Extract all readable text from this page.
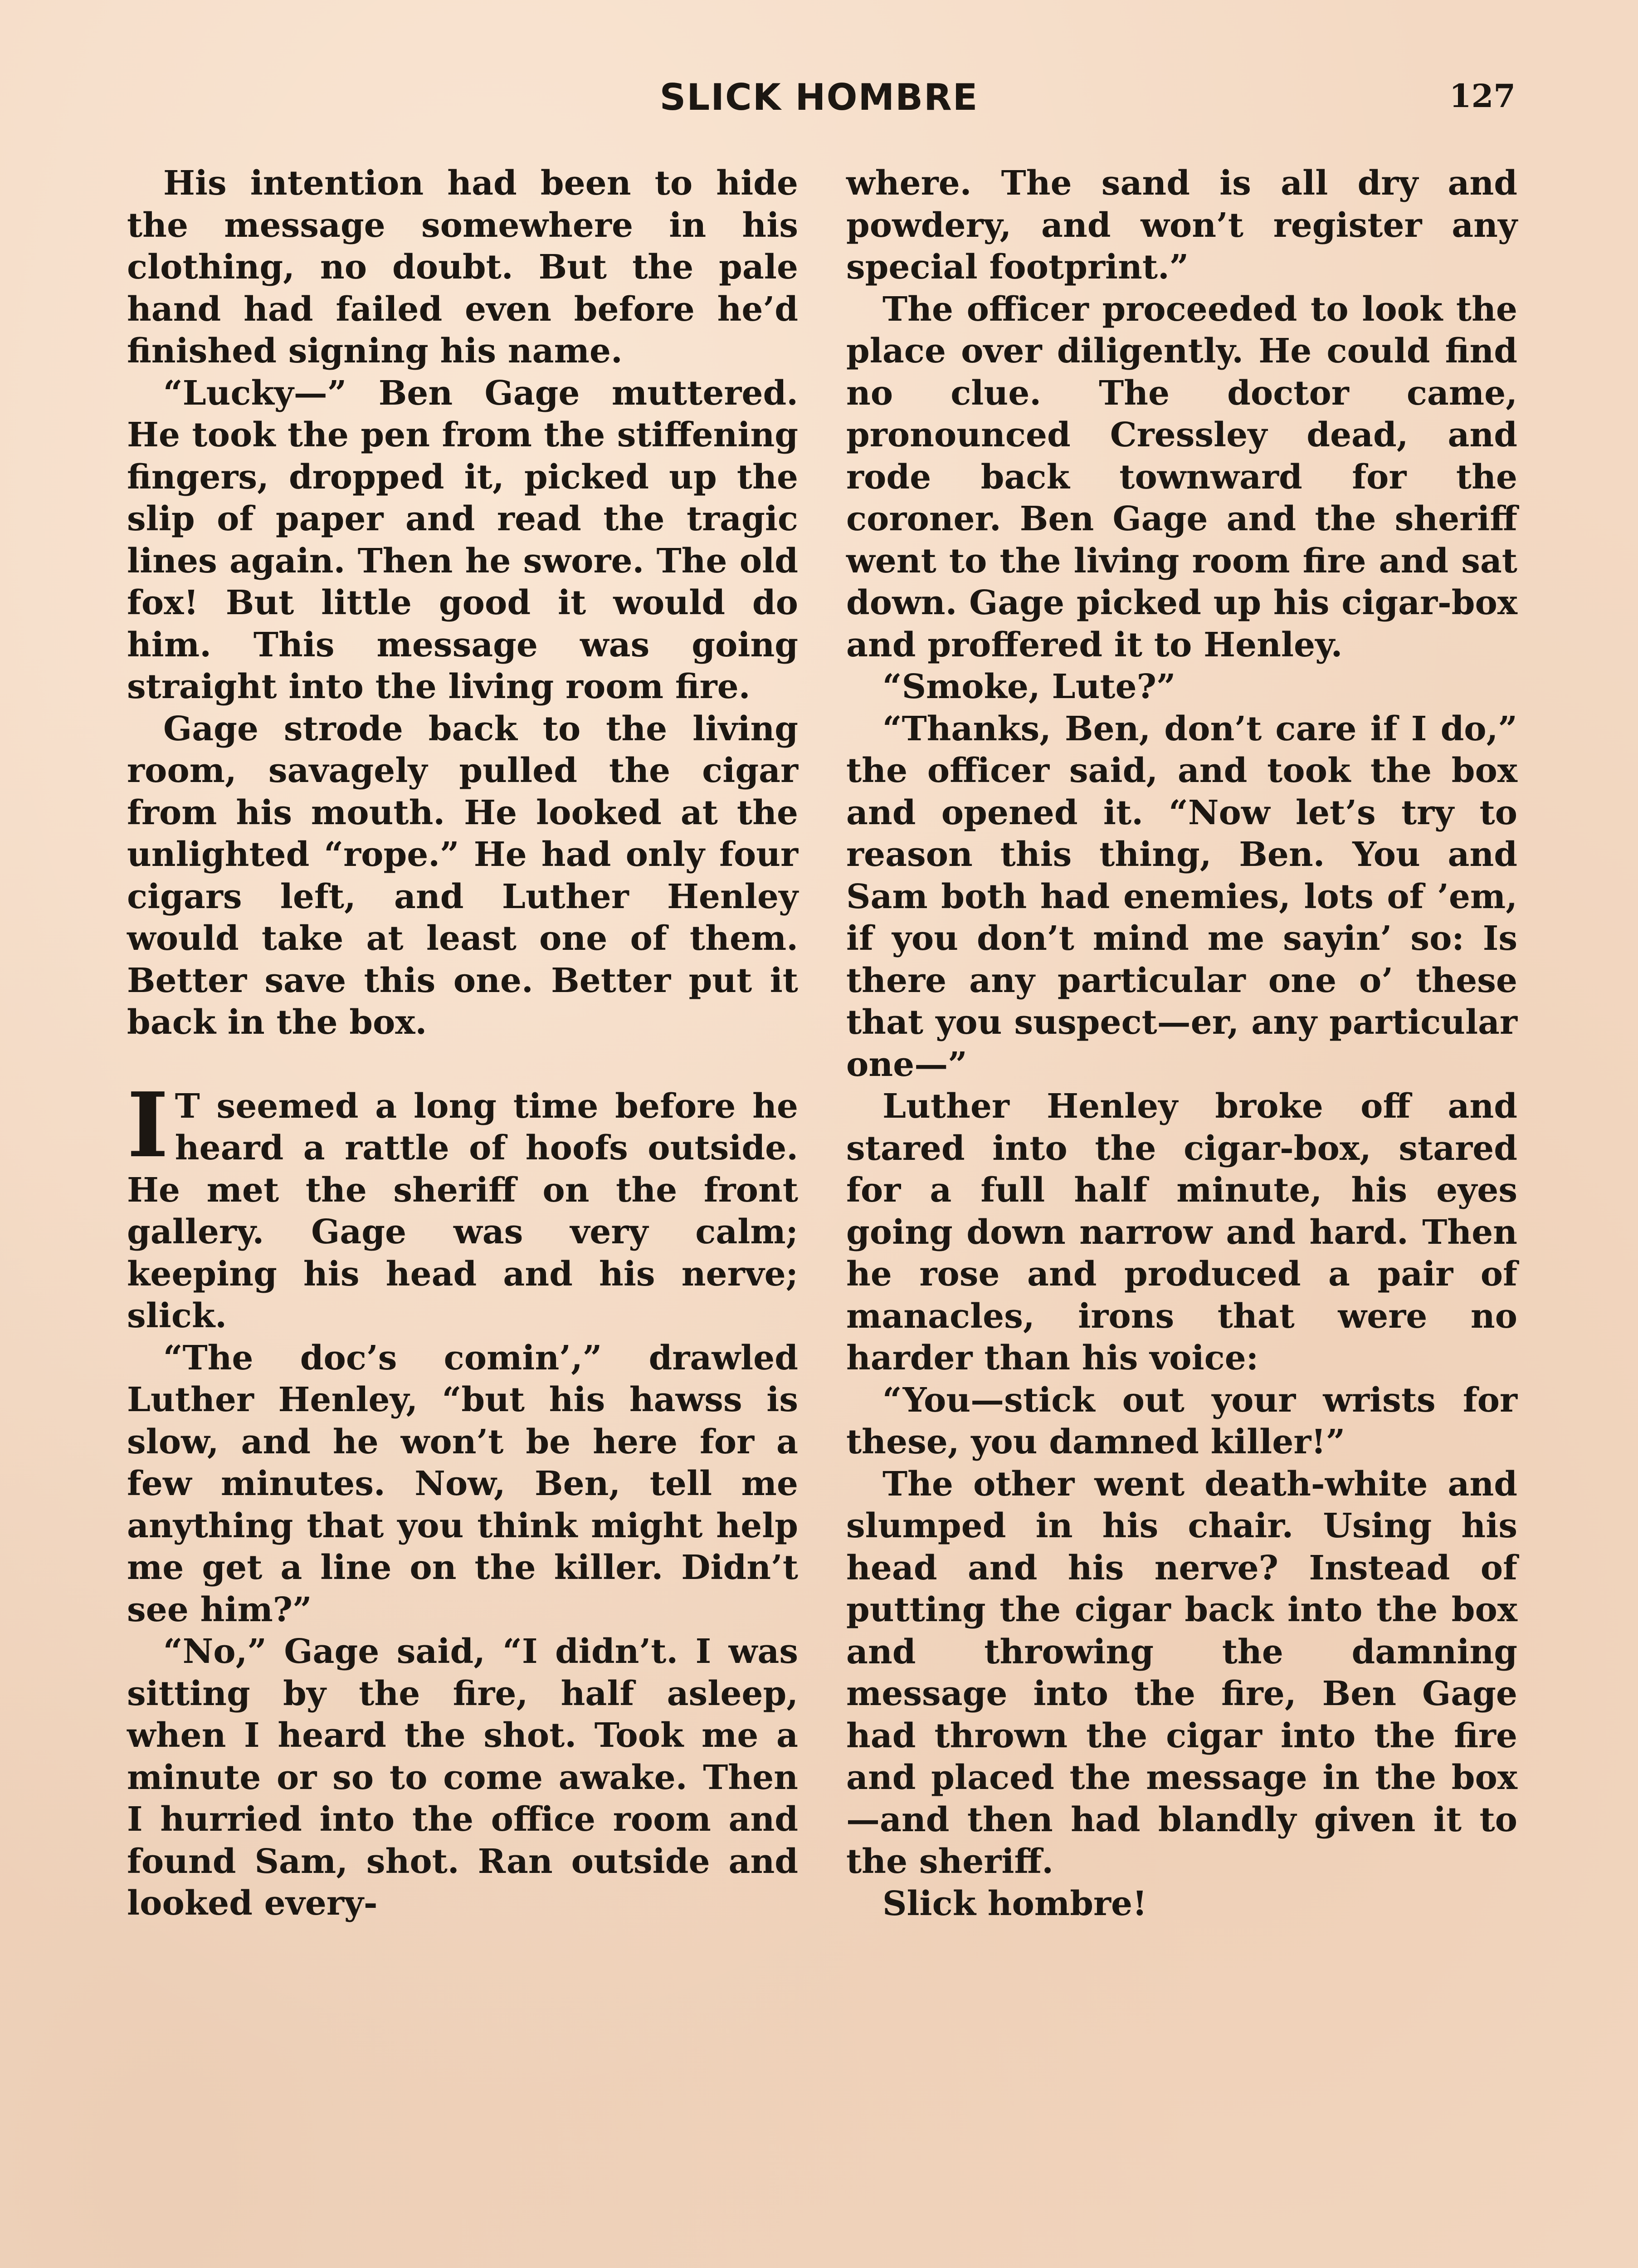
SLICK HOMBRE	127

His intention had been to hide the message somewhere in his clothing, no doubt. But the pale hand had failed even before he’d finished signing his name.

“Lucky—” Ben Gage muttered. He took the pen from the stiffening fingers, dropped it, picked up the slip of paper and read the tragic lines again. Then he swore. The old fox! But little good it would do him. This message was going straight into the living room fire.

Gage strode back to the living room, savagely pulled the cigar from his mouth. He looked at the unlighted “rope.” He had only four cigars left, and Luther Henley would take at least one of them. Better save this one. Better put it back in the box.

I T seemed a long time before he heard a rattle of hoofs outside. He met the sheriff on the front gallery. Gage was very calm; keeping his head and his nerve; slick.

“The doc’s comin’,” drawled Luther Henley, “but his hawss is slow, and he won’t be here for a few minutes. Now, Ben, tell me anything that you think might help me get a line on the killer. Didn’t see him?”

“No,” Gage said, “I didn’t. I was sitting by the fire, half asleep, when I heard the shot. Took me a minute or so to come awake. Then I hurried into the office room and found Sam, shot. Ran outside and looked every-

where. The sand is all dry and powdery, and won’t register any special footprint.”

The officer proceeded to look the place over diligently. He could find no clue. The doctor came, pronounced Cressley dead, and rode back townward for the coroner. Ben Gage and the sheriff went to the living room fire and sat down. Gage picked up his cigar-box and proffered it to Henley.

“Smoke, Lute?”

“Thanks, Ben, don’t care if I do,” the officer said, and took the box and opened it. “Now let’s try to reason this thing, Ben. You and Sam both had enemies, lots of ’em, if you don’t mind me sayin’ so: Is there any particular one o’ these that you suspect—er, any particular one—”

Luther Henley broke off and stared into the cigar-box, stared for a full half minute, his eyes going down narrow and hard. Then he rose and produced a pair of manacles, irons that were no harder than his voice:

“You—stick out your wrists for these, you damned killer!”

The other went death-white and slumped in his chair. Using his head and his nerve? Instead of putting the cigar back into the box and throwing the damning message into the fire, Ben Gage had thrown the cigar into the fire and placed the message in the box—and then had blandly given it to the sheriff.

Slick hombre!
